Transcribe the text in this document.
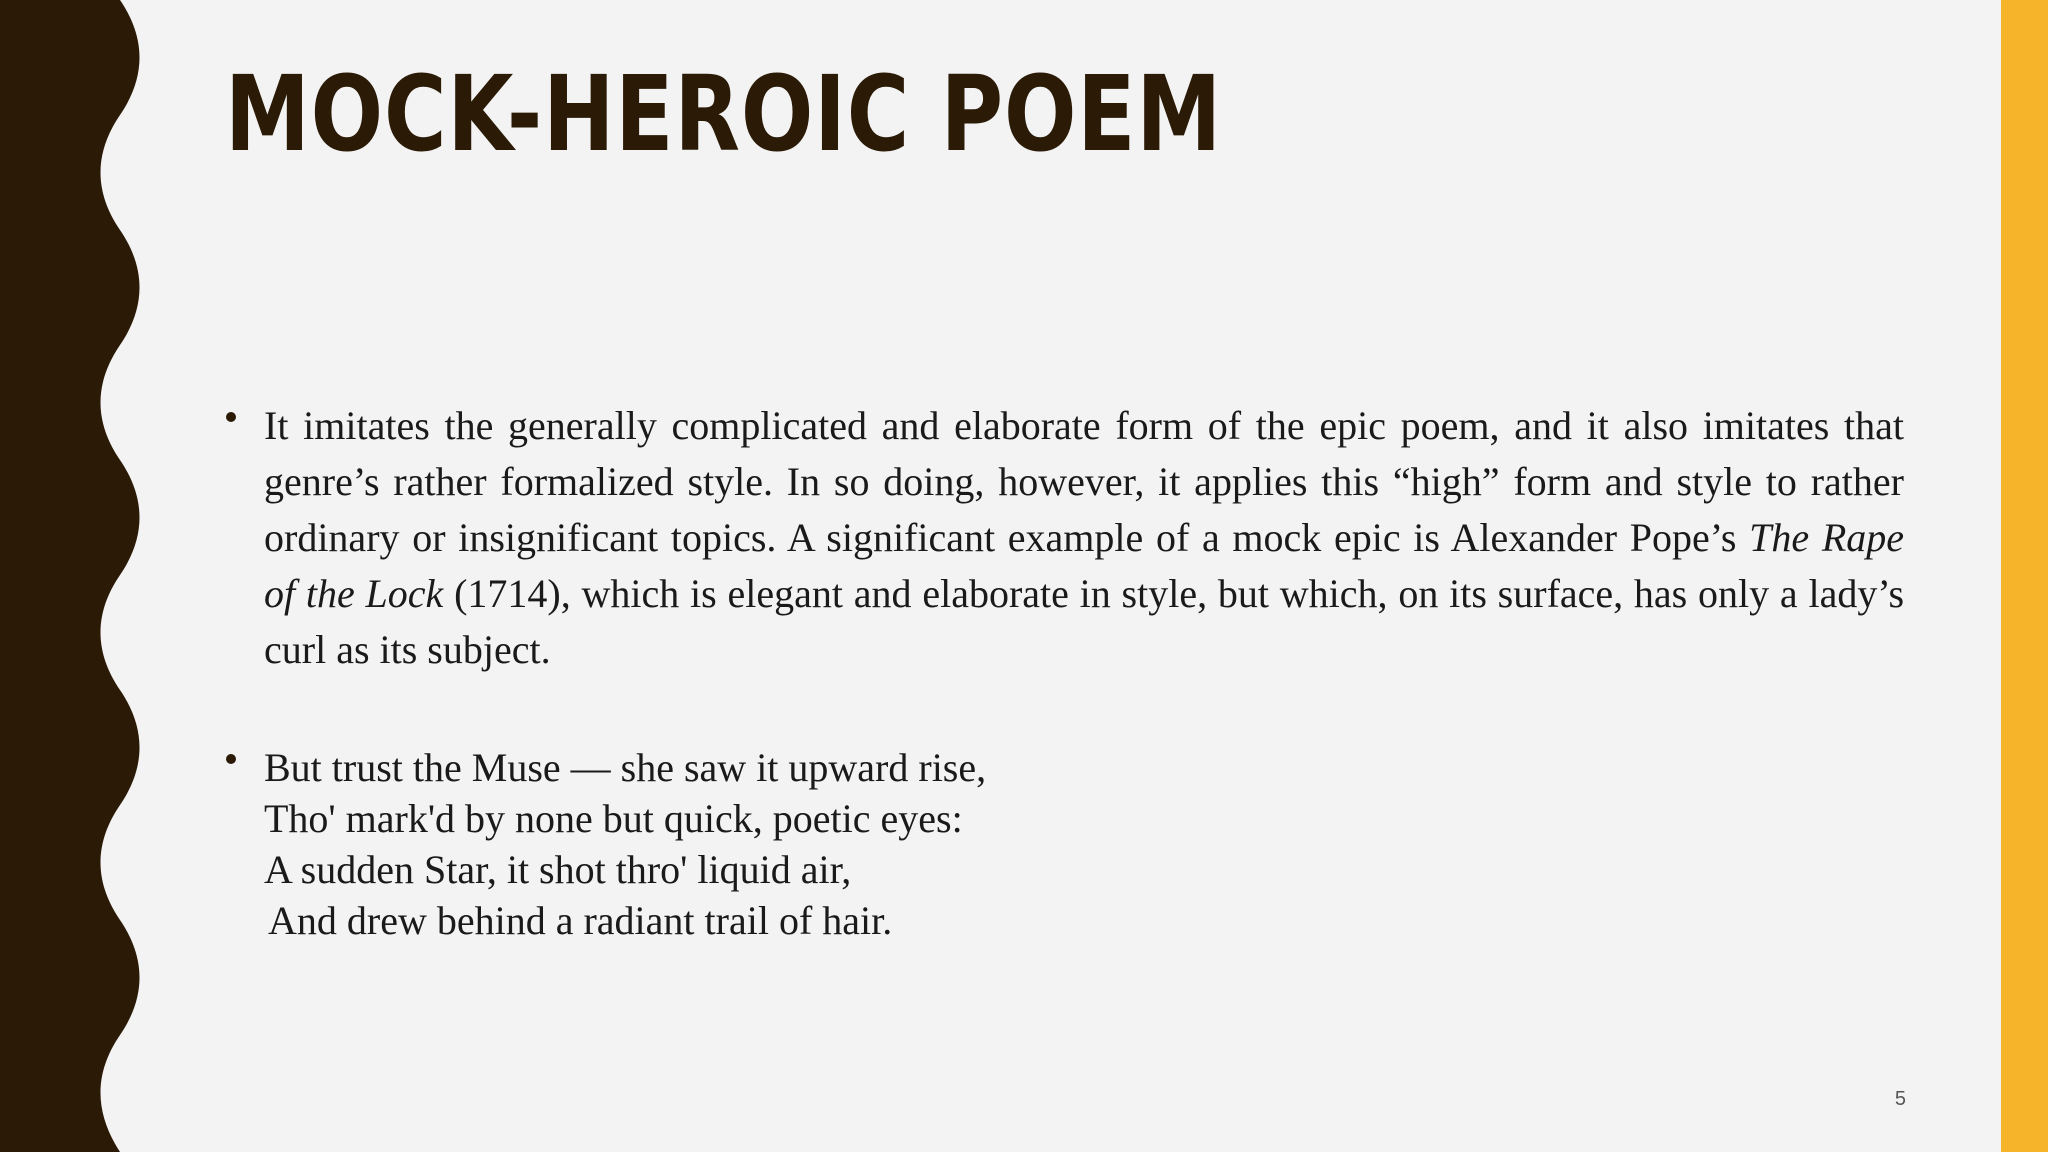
MOCK-HEROIC POEM
It imitates the generally complicated and elaborate form of the epic poem, and it also imitates that genre’s rather formalized style. In so doing, however, it applies this “high” form and style to rather ordinary or insignificant topics. A significant example of a mock epic is Alexander Pope’s The Rape of the Lock (1714), which is elegant and elaborate in style, but which, on its surface, has only a lady’s curl as its subject.
But trust the Muse — she saw it upward rise,
Tho' mark'd by none but quick, poetic eyes:
A sudden Star, it shot thro' liquid air,
And drew behind a radiant trail of hair.
5
